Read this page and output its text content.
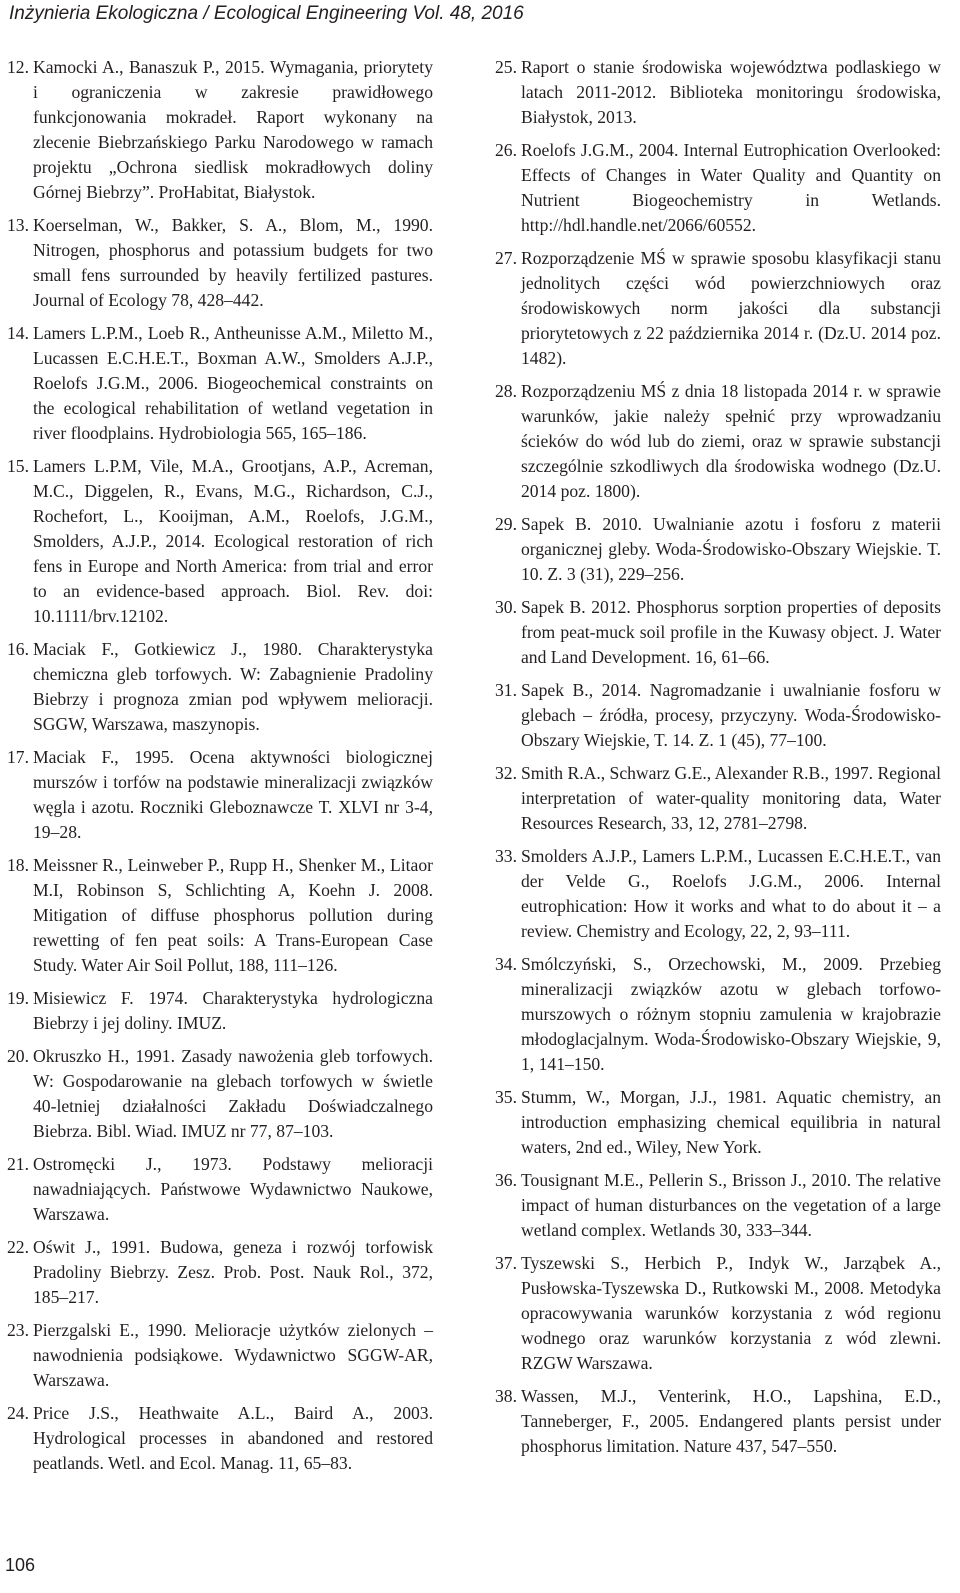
Inżynieria Ekologiczna / Ecological Engineering Vol. 48, 2016
12. Kamocki A., Banaszuk P., 2015. Wymagania, priorytety i ograniczenia w zakresie prawidłowego funkcjonowania mokradeł. Raport wykonany na zlecenie Biebrzańskiego Parku Narodowego w ramach projektu „Ochrona siedlisk mokradłowych doliny Górnej Biebrzy”. ProHabitat, Białystok.
13. Koerselman, W., Bakker, S. A., Blom, M., 1990. Nitrogen, phosphorus and potassium budgets for two small fens surrounded by heavily fertilized pastures. Journal of Ecology 78, 428–442.
14. Lamers L.P.M., Loeb R., Antheunisse A.M., Miletto M., Lucassen E.C.H.E.T., Boxman A.W., Smolders A.J.P., Roelofs J.G.M., 2006. Biogeochemical constraints on the ecological rehabilitation of wetland vegetation in river floodplains. Hydrobiologia 565, 165–186.
15. Lamers L.P.M, Vile, M.A., Grootjans, A.P., Acreman, M.C., Diggelen, R., Evans, M.G., Richardson, C.J., Rochefort, L., Kooijman, A.M., Roelofs, J.G.M., Smolders, A.J.P., 2014. Ecological restoration of rich fens in Europe and North America: from trial and error to an evidence-based approach. Biol. Rev. doi: 10.1111/brv.12102.
16. Maciak F., Gotkiewicz J., 1980. Charakterystyka chemiczna gleb torfowych. W: Zabagnienie Pradoliny Biebrzy i prognoza zmian pod wpływem melioracji. SGGW, Warszawa, maszynopis.
17. Maciak F., 1995. Ocena aktywności biologicznej murszów i torfów na podstawie mineralizacji związków węgla i azotu. Roczniki Gleboznawcze T. XLVI nr 3-4, 19–28.
18. Meissner R., Leinweber P., Rupp H., Shenker M., Litaor M.I, Robinson S, Schlichting A, Koehn J. 2008. Mitigation of diffuse phosphorus pollution during rewetting of fen peat soils: A Trans-European Case Study. Water Air Soil Pollut, 188, 111–126.
19. Misiewicz F. 1974. Charakterystyka hydrologiczna Biebrzy i jej doliny. IMUZ.
20. Okruszko H., 1991. Zasady nawożenia gleb torfowych. W: Gospodarowanie na glebach torfowych w świetle 40-letniej działalności Zakładu Doświadczalnego Biebrza. Bibl. Wiad. IMUZ nr 77, 87–103.
21. Ostromęcki J., 1973. Podstawy melioracji nawadniających. Państwowe Wydawnictwo Naukowe, Warszawa.
22. Oświt J., 1991. Budowa, geneza i rozwój torfowisk Pradoliny Biebrzy. Zesz. Prob. Post. Nauk Rol., 372, 185–217.
23. Pierzgalski E., 1990. Melioracje użytków zielonych – nawodnienia podsiąkowe. Wydawnictwo SGGW-AR, Warszawa.
24. Price J.S., Heathwaite A.L., Baird A., 2003. Hydrological processes in abandoned and restored peatlands. Wetl. and Ecol. Manag. 11, 65–83.
25. Raport o stanie środowiska województwa podlaskiego w latach 2011-2012. Biblioteka monitoringu środowiska, Białystok, 2013.
26. Roelofs J.G.M., 2004. Internal Eutrophication Overlooked: Effects of Changes in Water Quality and Quantity on Nutrient Biogeochemistry in Wetlands. http://hdl.handle.net/2066/60552.
27. Rozporządzenie MŚ w sprawie sposobu klasyfikacji stanu jednolitych części wód powierzchniowych oraz środowiskowych norm jakości dla substancji priorytetowych z 22 października 2014 r. (Dz.U. 2014 poz. 1482).
28. Rozporządzeniu MŚ z dnia 18 listopada 2014 r. w sprawie warunków, jakie należy spełnić przy wprowadzaniu ścieków do wód lub do ziemi, oraz w sprawie substancji szczególnie szkodliwych dla środowiska wodnego (Dz.U. 2014 poz. 1800).
29. Sapek B. 2010. Uwalnianie azotu i fosforu z materii organicznej gleby. Woda-Środowisko-Obszary Wiejskie. T. 10. Z. 3 (31), 229–256.
30. Sapek B. 2012. Phosphorus sorption properties of deposits from peat-muck soil profile in the Kuwasy object. J. Water and Land Development. 16, 61–66.
31. Sapek B., 2014. Nagromadzanie i uwalnianie fosforu w glebach – źródła, procesy, przyczyny. Woda-Środowisko-Obszary Wiejskie, T. 14. Z. 1 (45), 77–100.
32. Smith R.A., Schwarz G.E., Alexander R.B., 1997. Regional interpretation of water-quality monitoring data, Water Resources Research, 33, 12, 2781–2798.
33. Smolders A.J.P., Lamers L.P.M., Lucassen E.C.H.E.T., van der Velde G., Roelofs J.G.M., 2006. Internal eutrophication: How it works and what to do about it – a review. Chemistry and Ecology, 22, 2, 93–111.
34. Smólczyński, S., Orzechowski, M., 2009. Przebieg mineralizacji związków azotu w glebach torfowo-murszowych o różnym stopniu zamulenia w krajobrazie młodoglacjalnym. Woda-Środowisko-Obszary Wiejskie, 9, 1, 141–150.
35. Stumm, W., Morgan, J.J., 1981. Aquatic chemistry, an introduction emphasizing chemical equilibria in natural waters, 2nd ed., Wiley, New York.
36. Tousignant M.E., Pellerin S., Brisson J., 2010. The relative impact of human disturbances on the vegetation of a large wetland complex. Wetlands 30, 333–344.
37. Tyszewski S., Herbich P., Indyk W., Jarząbek A., Pusłowska-Tyszewska D., Rutkowski M., 2008. Metodyka opracowywania warunków korzystania z wód regionu wodnego oraz warunków korzystania z wód zlewni. RZGW Warszawa.
38. Wassen, M.J., Venterink, H.O., Lapshina, E.D., Tanneberger, F., 2005. Endangered plants persist under phosphorus limitation. Nature 437, 547–550.
106
